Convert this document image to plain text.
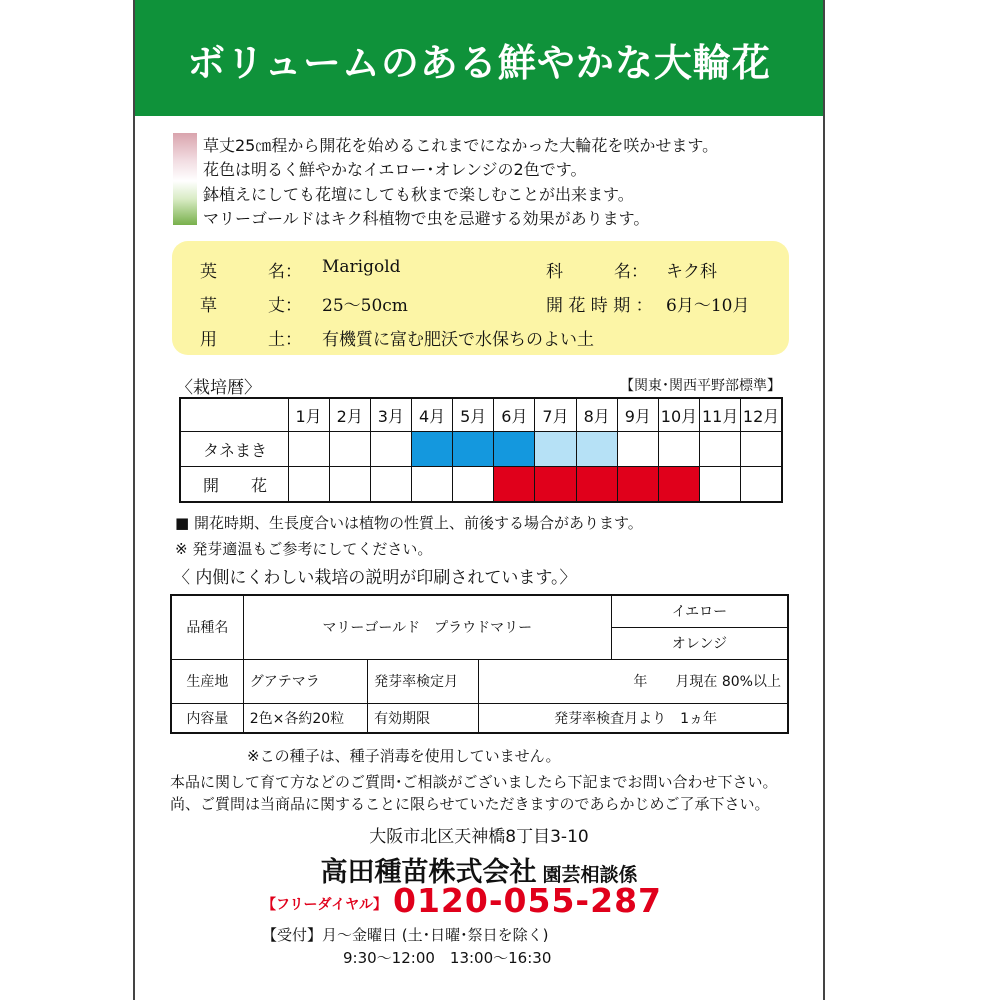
ボリュームのある鮮やかな大輪花
草丈25㎝程から開花を始めるこれまでになかった大輪花を咲かせます。
花色は明るく鮮やかなイエロー･オレンジの2色です。
鉢植えにしても花壇にしても秋まで楽しむことが出来ます。
マリーゴールドはキク科植物で虫を忌避する効果があります。
英　　　名： Marigold	科　　　名： キク科
草　　　丈： 25～50cm	開 花 時 期 ： 6月～10月
用　　　土： 有機質に富む肥沃で水保ちのよい土
〈栽培暦〉	【関東･関西平野部標準】
	1月	2月	3月	4月	5月	6月	7月	8月	9月	10月	11月	12月
タネまき												
開　　花												
■ 開花時期、生長度合いは植物の性質上、前後する場合があります。
※ 発芽適温もご参考にしてください。
〈 内側にくわしい栽培の説明が印刷されています。〉
品種名	マリーゴールド　プラウドマリー			イエロー
				オレンジ
生産地	グアテマラ	発芽率検定月	年　　月現在 80%以上	
内容量	2色×各約20粒	有効期限	発芽率検査月より　1ヵ年	
※この種子は、種子消毒を使用していません。
本品に関して育て方などのご質問･ご相談がございましたら下記までお問い合わせ下さい。
尚、ご質問は当商品に関することに限らせていただきますのであらかじめご了承下さい。
大阪市北区天神橋8丁目3-10
高田種苗株式会社 園芸相談係
【フリーダイヤル】 0120-055-287
【受付】月～金曜日 (土･日曜･祭日を除く)
9:30～12:00　13:00～16:30
